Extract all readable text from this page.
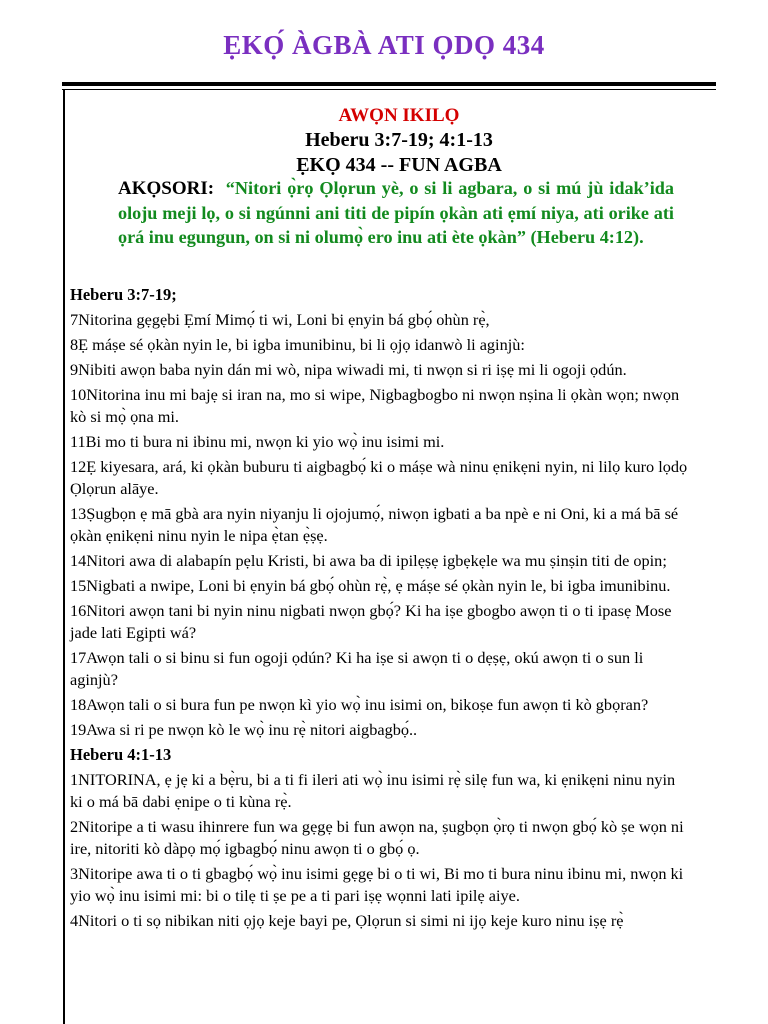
ẸKỌ́ ÀGBÀ ATI ỌDỌ 434
AWỌN IKILỌ
Heberu 3:7-19; 4:1-13
ẸKỌ 434 -- FUN AGBA
AKỌSORI: “Nitori ọ̀rọ Ọlọrun yè, o si li agbara, o si mú jù idak’ida oloju meji lọ, o si ngúnni ani titi de pipín ọkàn ati ẹmí niya, ati orike ati ọrá inu egungun, on si ni olumọ̀ ero inu ati ète ọkàn” (Heberu 4:12).
Heberu 3:7-19;
7Nitorina gẹgẹbi Ẹmí Mimọ́ ti wi, Loni bi ẹnyin bá gbọ́ ohùn rẹ̀,
8Ẹ máṣe sé ọkàn nyin le, bi igba imunibinu, bi li ọjọ idanwò li aginjù:
9Nibiti awọn baba nyin dán mi wò, nipa wiwadi mi, ti nwọn si ri iṣẹ mi li ogoji ọdún.
10Nitorina inu mi bajẹ si iran na, mo si wipe, Nigbagbogbo ni nwọn nṣina li ọkàn wọn; nwọn kò si mọ̀ ọna mi.
11Bi mo ti bura ni ibinu mi, nwọn ki yio wọ̀ inu isimi mi.
12Ẹ kiyesara, ará, ki ọkàn buburu ti aigbagbọ́ ki o máṣe wà ninu ẹnikẹni nyin, ni lilọ kuro lọdọ Ọlọrun alāye.
13Ṣugbọn ẹ mā gbà ara nyin niyanju li ojojumọ́, niwọn igbati a ba npè e ni Oni, ki a má bā sé ọkàn ẹnikẹni ninu nyin le nipa ẹ̀tan ẹ̀ṣẹ.
14Nitori awa di alabapín pẹlu Kristi, bi awa ba di ipilẹṣẹ igbẹkẹle wa mu ṣinṣin titi de opin;
15Nigbati a nwipe, Loni bi ẹnyin bá gbọ́ ohùn rẹ̀, ẹ máṣe sé ọkàn nyin le, bi igba imunibinu.
16Nitori awọn tani bi nyin ninu nigbati nwọn gbọ́? Ki ha iṣe gbogbo awọn ti o ti ipasẹ Mose jade lati Egipti wá?
17Awọn tali o si binu si fun ogoji ọdún? Ki ha iṣe si awọn ti o dẹṣẹ, okú awọn ti o sun li aginjù?
18Awọn tali o si bura fun pe nwọn kì yio wọ̀ inu isimi on, bikoṣe fun awọn ti kò gbọran?
19Awa si ri pe nwọn kò le wọ̀ inu rẹ̀ nitori aigbagbọ́..
Heberu 4:1-13
1NITORINA, ẹ jẹ ki a bẹ̀ru, bi a ti fi ileri ati wọ̀ inu isimi rẹ̀ silẹ fun wa, ki ẹnikẹni ninu nyin ki o má bā dabi ẹnipe o ti kùna rẹ̀.
2Nitoripe a ti wasu ihinrere fun wa gẹgẹ bi fun awọn na, ṣugbọn ọ̀rọ ti nwọn gbọ́ kò ṣe wọn ni ire, nitoriti kò dàpọ mọ́ igbagbọ́ ninu awọn ti o gbọ́ ọ.
3Nitoripe awa ti o ti gbagbọ́ wọ̀ inu isimi gẹgẹ bi o ti wi, Bi mo ti bura ninu ibinu mi, nwọn ki yio wọ̀ inu isimi mi: bi o tilẹ ti ṣe pe a ti pari iṣẹ wọnni lati ipilẹ aiye.
4Nitori o ti sọ nibikan niti ọjọ keje bayi pe, Ọlọrun si simi ni ijọ keje kuro ninu iṣẹ rẹ̀
